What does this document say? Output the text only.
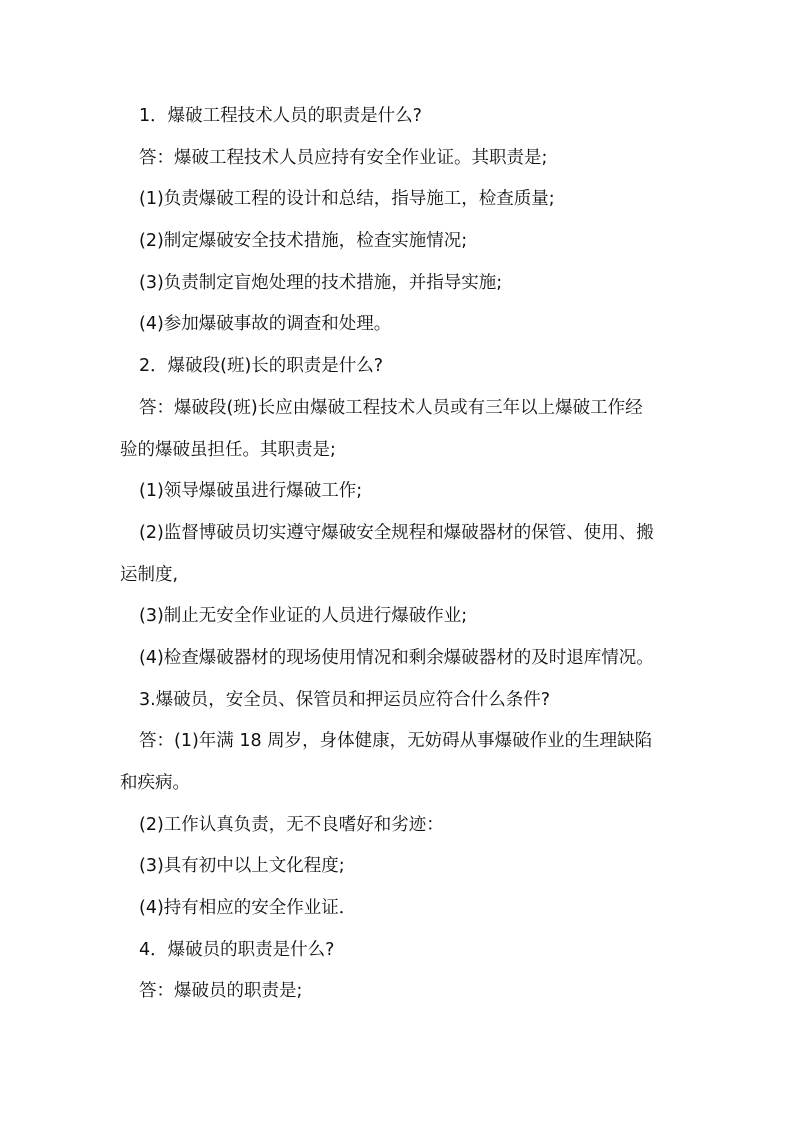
1．爆破工程技术人员的职责是什么?
答：爆破工程技术人员应持有安全作业证。其职责是;
(1)负责爆破工程的设计和总结，指导施工，检查质量;
(2)制定爆破安全技术措施，检查实施情况;
(3)负责制定盲炮处理的技术措施，并指导实施;
(4)参加爆破事故的调查和处理。
2．爆破段(班)长的职责是什么?
答：爆破段(班)长应由爆破工程技术人员或有三年以上爆破工作经
验的爆破虽担任。其职责是;
(1)领导爆破虽进行爆破工作;
(2)监督博破员切实遵守爆破安全规程和爆破器材的保管、使用、搬
运制度,
(3)制止无安全作业证的人员进行爆破作业;
(4)检查爆破器材的现场使用情况和剩余爆破器材的及时退库情况。
3.爆破员，安全员、保管员和押运员应符合什么条件?
答：(1)年满 18 周岁，身体健康，无妨碍从事爆破作业的生理缺陷
和疾病。
(2)工作认真负责，无不良嗜好和劣迹：
(3)具有初中以上文化程度;
(4)持有相应的安全作业证．
4．爆破员的职责是什么?
答：爆破员的职责是;
